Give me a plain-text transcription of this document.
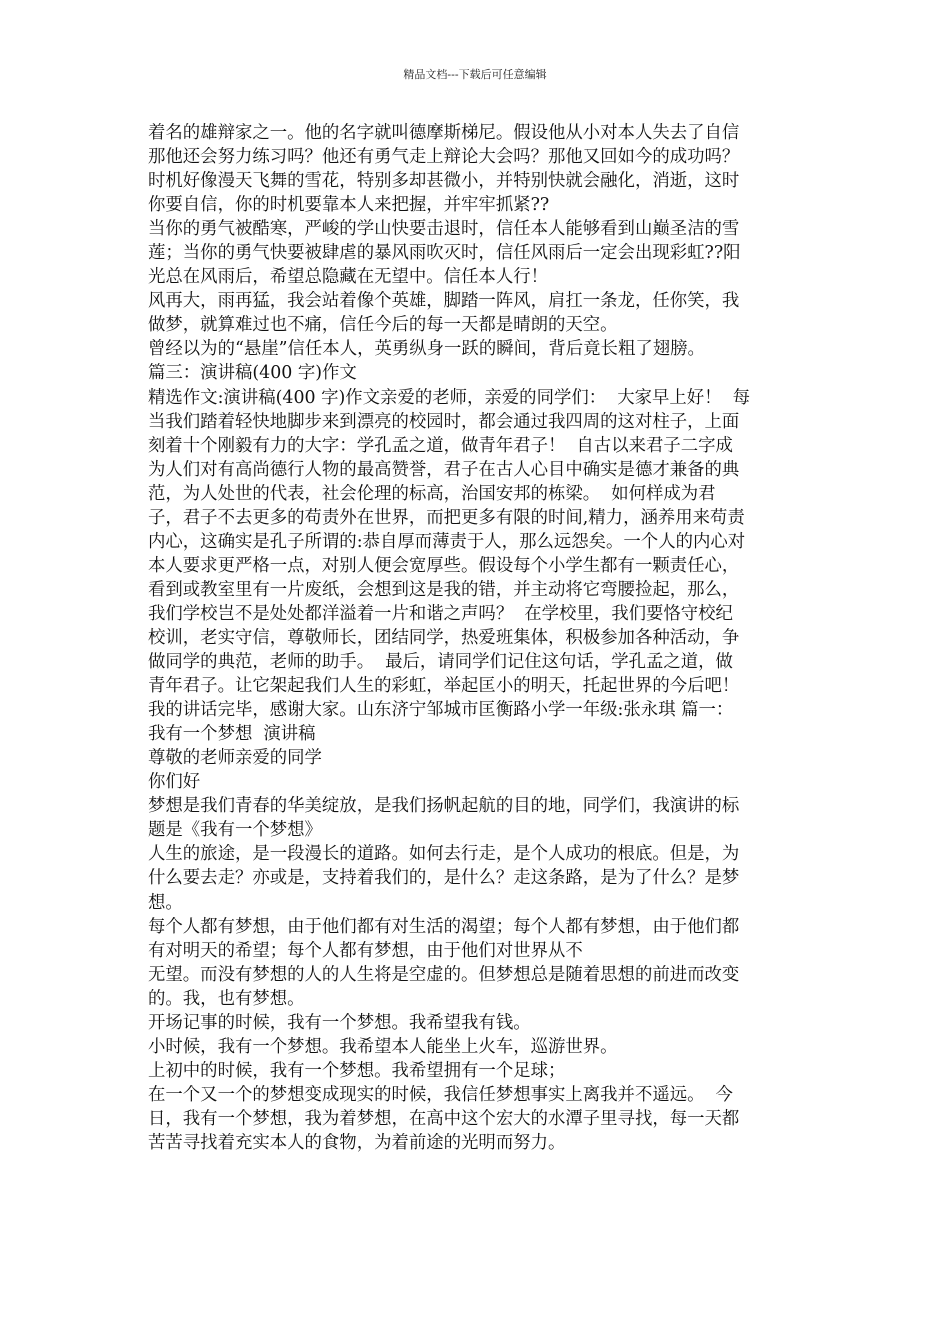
精品文档---下载后可任意编辑
着名的雄辩家之一。他的名字就叫德摩斯梯尼。假设他从小对本人失去了自信
那他还会努力练习吗？他还有勇气走上辩论大会吗？那他又回如今的成功吗？
时机好像漫天飞舞的雪花，特别多却甚微小，并特别快就会融化，消逝，这时
你要自信，你的时机要靠本人来把握，并牢牢抓紧??
当你的勇气被酷寒，严峻的学山快要击退时，信任本人能够看到山巅圣洁的雪
莲；当你的勇气快要被肆虐的暴风雨吹灭时，信任风雨后一定会出现彩虹??阳
光总在风雨后，希望总隐藏在无望中。信任本人行！
风再大，雨再猛，我会站着像个英雄，脚踏一阵风，肩扛一条龙，任你笑，我
做梦，就算难过也不痛，信任今后的每一天都是晴朗的天空。
曾经以为的“悬崖”信任本人，英勇纵身一跃的瞬间，背后竟长粗了翅膀。
篇三：演讲稿(400 字)作文
精选作文:演讲稿(400 字)作文亲爱的老师，亲爱的同学们：  大家早上好！  每
当我们踏着轻快地脚步来到漂亮的校园时，都会通过我四周的这对柱子，上面
刻着十个刚毅有力的大字：学孔孟之道，做青年君子！  自古以来君子二字成
为人们对有高尚德行人物的最高赞誉，君子在古人心目中确实是德才兼备的典
范，为人处世的代表，社会伦理的标高，治国安邦的栋梁。  如何样成为君
子，君子不去更多的苟责外在世界，而把更多有限的时间,精力，涵养用来苟责
内心，这确实是孔子所谓的:恭自厚而薄责于人，那么远怨矣。一个人的内心对
本人要求更严格一点，对别人便会宽厚些。假设每个小学生都有一颗责任心，
看到或教室里有一片废纸，会想到这是我的错，并主动将它弯腰捡起，那么，
我们学校岂不是处处都洋溢着一片和谐之声吗？  在学校里，我们要恪守校纪
校训，老实守信，尊敬师长，团结同学，热爱班集体，积极参加各种活动，争
做同学的典范，老师的助手。  最后，请同学们记住这句话，学孔孟之道，做
青年君子。让它架起我们人生的彩虹，举起匡小的明天，托起世界的今后吧！
我的讲话完毕，感谢大家。山东济宁邹城市匡衡路小学一年级:张永琪 篇一：
我有一个梦想  演讲稿
尊敬的老师亲爱的同学
你们好
梦想是我们青春的华美绽放，是我们扬帆起航的目的地，同学们，我演讲的标
题是《我有一个梦想》
人生的旅途，是一段漫长的道路。如何去行走，是个人成功的根底。但是，为
什么要去走？亦或是，支持着我们的，是什么？走这条路，是为了什么？是梦
想。
每个人都有梦想，由于他们都有对生活的渴望；每个人都有梦想，由于他们都
有对明天的希望；每个人都有梦想，由于他们对世界从不
无望。而没有梦想的人的人生将是空虚的。但梦想总是随着思想的前进而改变
的。我，也有梦想。
开场记事的时候，我有一个梦想。我希望我有钱。
小时候，我有一个梦想。我希望本人能坐上火车，巡游世界。
上初中的时候，我有一个梦想。我希望拥有一个足球；
在一个又一个的梦想变成现实的时候，我信任梦想事实上离我并不遥远。  今
日，我有一个梦想，我为着梦想，在高中这个宏大的水潭子里寻找，每一天都
苦苦寻找着充实本人的食物，为着前途的光明而努力。
